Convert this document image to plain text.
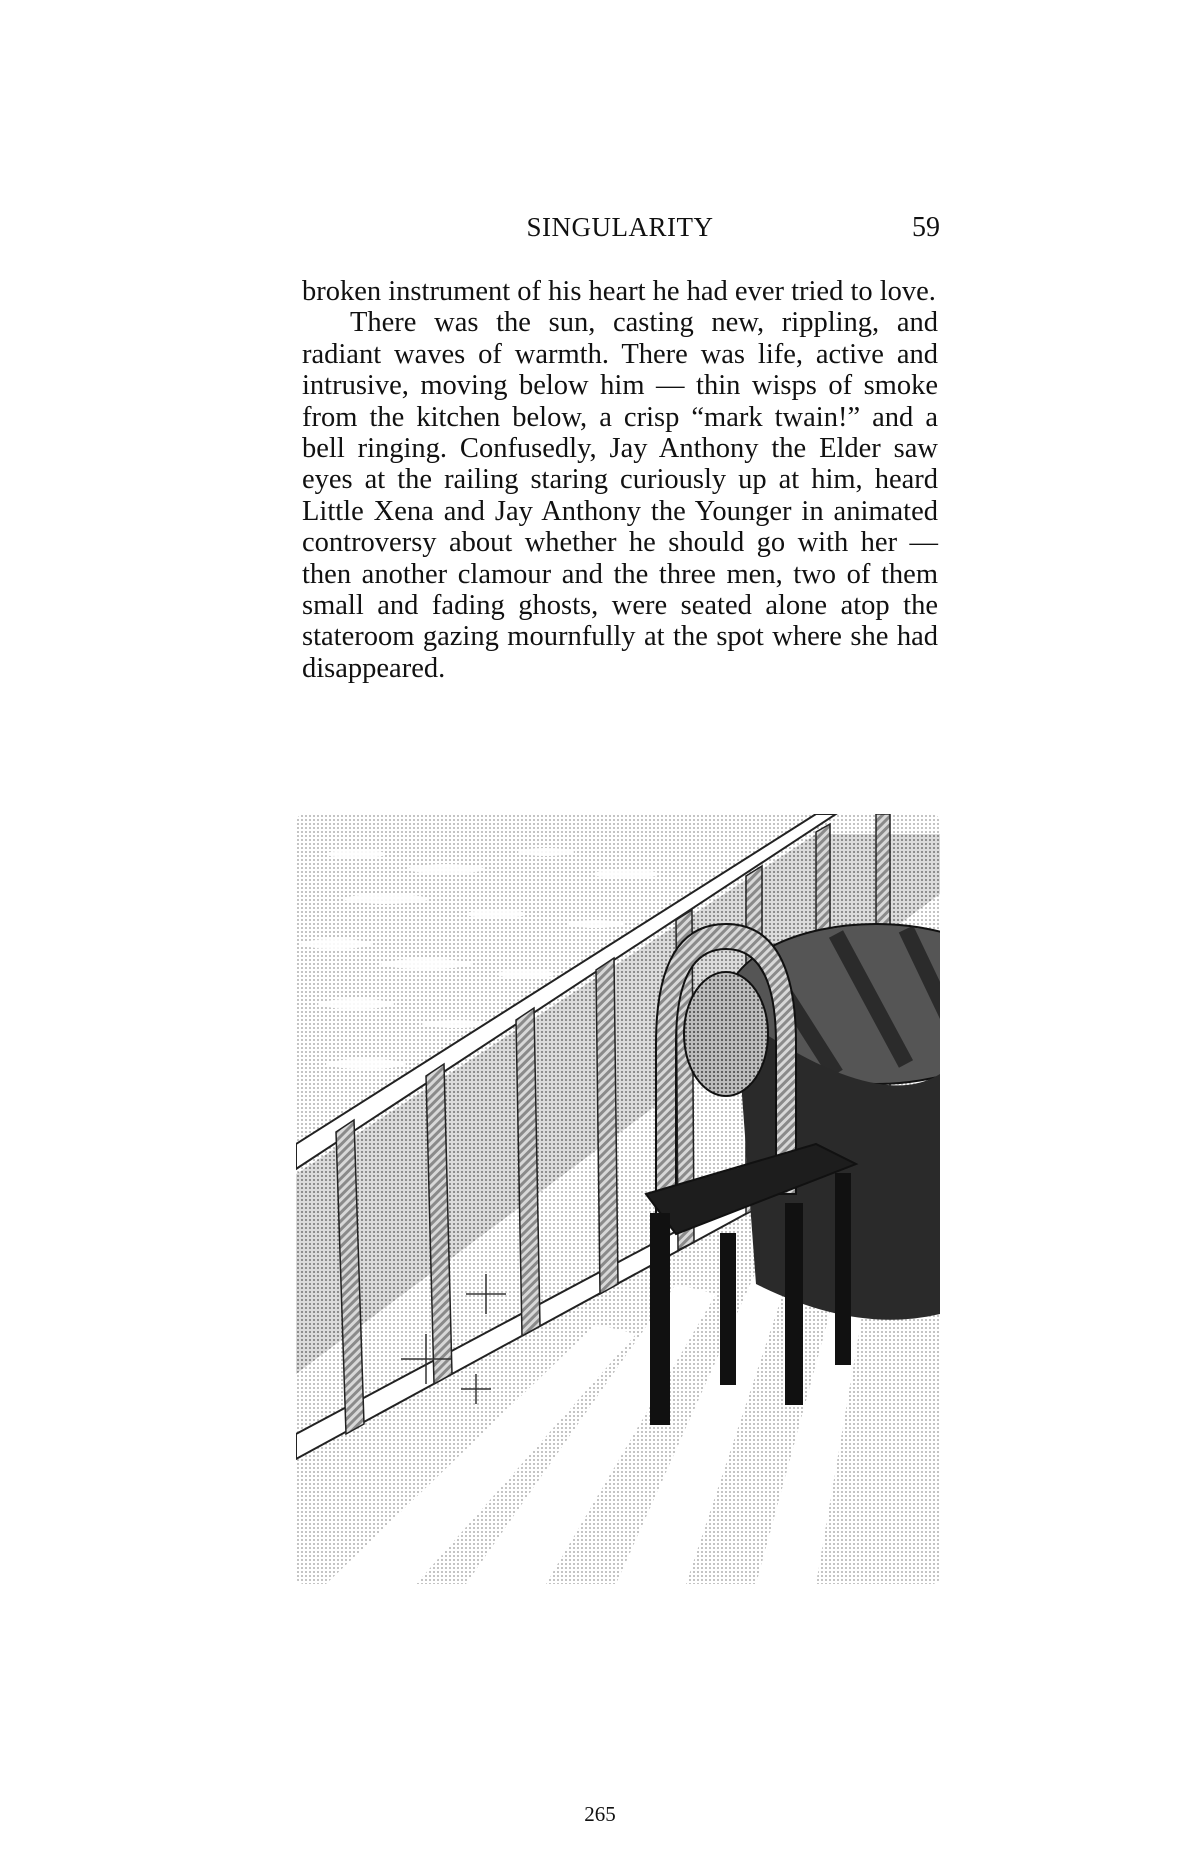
SINGULARITY	59

broken instrument of his heart he had ever tried to love.

There was the sun, casting new, rippling, and radiant waves of warmth. There was life, active and intrusive, moving below him — thin wisps of smoke from the kitchen below, a crisp “mark twain!” and a bell ringing. Confusedly, Jay Anthony the Elder saw eyes at the railing staring curiously up at him, heard Little Xena and Jay Anthony the Younger in animated controversy about whether he should go with her — then another clamour and the three men, two of them small and fading ghosts, were seated alone atop the stateroom gazing mournfully at the spot where she had disappeared.

265
